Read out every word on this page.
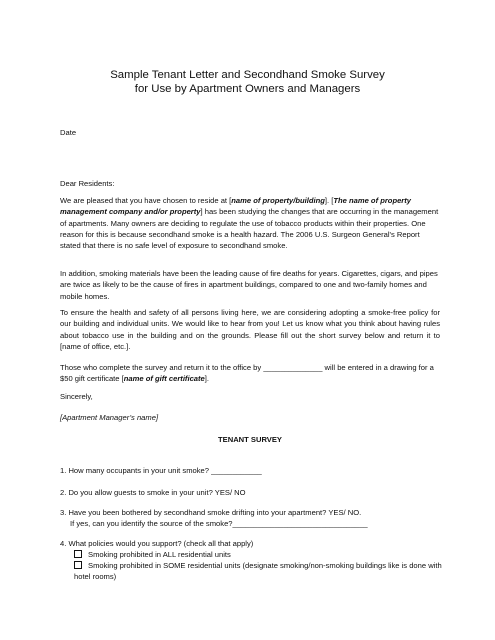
Sample Tenant Letter and Secondhand Smoke Survey
for Use by Apartment Owners and Managers

Date

Dear Residents:

We are pleased that you have chosen to reside at [name of property/building]. [The name of property management company and/or property] has been studying the changes that are occurring in the management of apartments. Many owners are deciding to regulate the use of tobacco products within their properties. One reason for this is because secondhand smoke is a health hazard. The 2006 U.S. Surgeon General's Report stated that there is no safe level of exposure to secondhand smoke.

In addition, smoking materials have been the leading cause of fire deaths for years. Cigarettes, cigars, and pipes are twice as likely to be the cause of fires in apartment buildings, compared to one and two-family homes and mobile homes.

To ensure the health and safety of all persons living here, we are considering adopting a smoke-free policy for our building and individual units. We would like to hear from you! Let us know what you think about having rules about tobacco use in the building and on the grounds. Please fill out the short survey below and return it to [name of office, etc.].

Those who complete the survey and return it to the office by ______________ will be entered in a drawing for a $50 gift certificate [name of gift certificate].

Sincerely,

[Apartment Manager’s name]

TENANT SURVEY

1. How many occupants in your unit smoke? ____________

2. Do you allow guests to smoke in your unit? YES/ NO

3. Have you been bothered by secondhand smoke drifting into your apartment? YES/ NO.

If yes, can you identify the source of the smoke?________________________________

4. What policies would you support? (check all that apply)

Smoking prohibited in ALL residential units
Smoking prohibited in SOME residential units (designate smoking/non-smoking buildings like is done with hotel rooms)
